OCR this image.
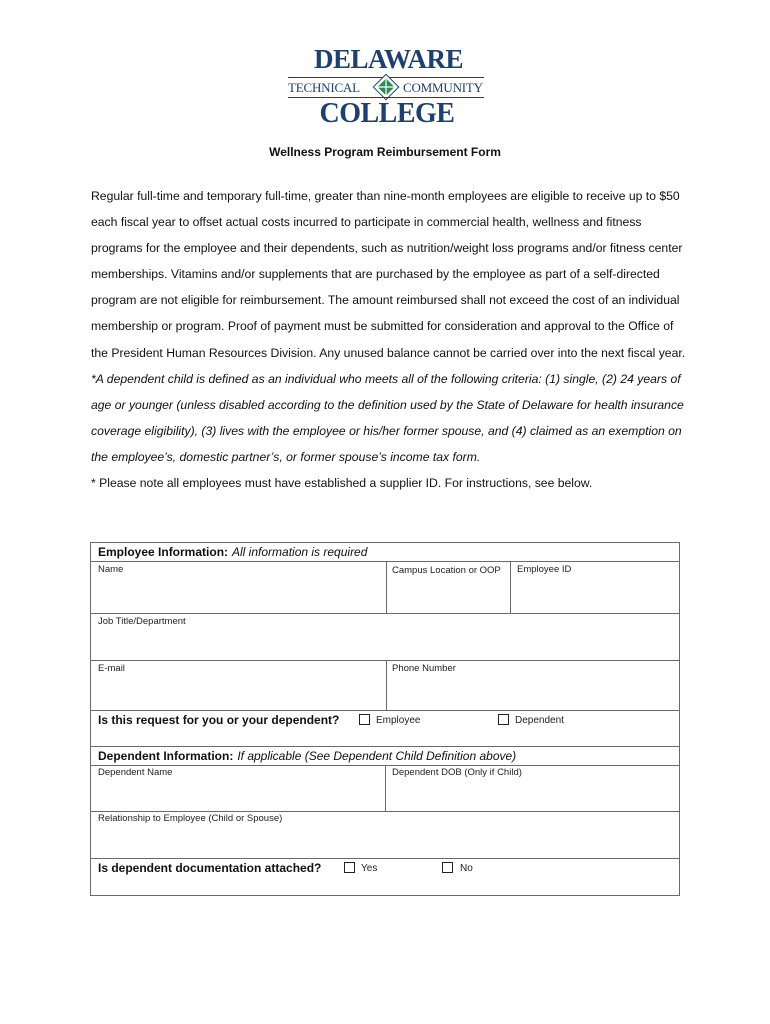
DELAWARE
TECHNICAL	COMMUNITY
COLLEGE
Wellness Program Reimbursement Form

Regular full-time and temporary full-time, greater than nine-month employees are eligible to receive up to $50 each fiscal year to offset actual costs incurred to participate in commercial health, wellness and fitness programs for the employee and their dependents, such as nutrition/weight loss programs and/or fitness center memberships. Vitamins and/or supplements that are purchased by the employee as part of a self-directed program are not eligible for reimbursement. The amount reimbursed shall not exceed the cost of an individual membership or program. Proof of payment must be submitted for consideration and approval to the Office of the President Human Resources Division. Any unused balance cannot be carried over into the next fiscal year.

*A dependent child is defined as an individual who meets all of the following criteria: (1) single, (2) 24 years of age or younger (unless disabled according to the definition used by the State of Delaware for health insurance coverage eligibility), (3) lives with the employee or his/her former spouse, and (4) claimed as an exemption on the employee’s, domestic partner’s, or former spouse’s income tax form.

* Please note all employees must have established a supplier ID. For instructions, see below.

Employee Information: All information is required
Name	Campus Location or OOP	Employee ID
Job Title/Department
E-mail	Phone Number
Is this request for you or your dependent?	Employee	Dependent
Dependent Information: If applicable (See Dependent Child Definition above)
Dependent Name	Dependent DOB (Only if Child)
Relationship to Employee (Child or Spouse)
Is dependent documentation attached?	Yes	No
